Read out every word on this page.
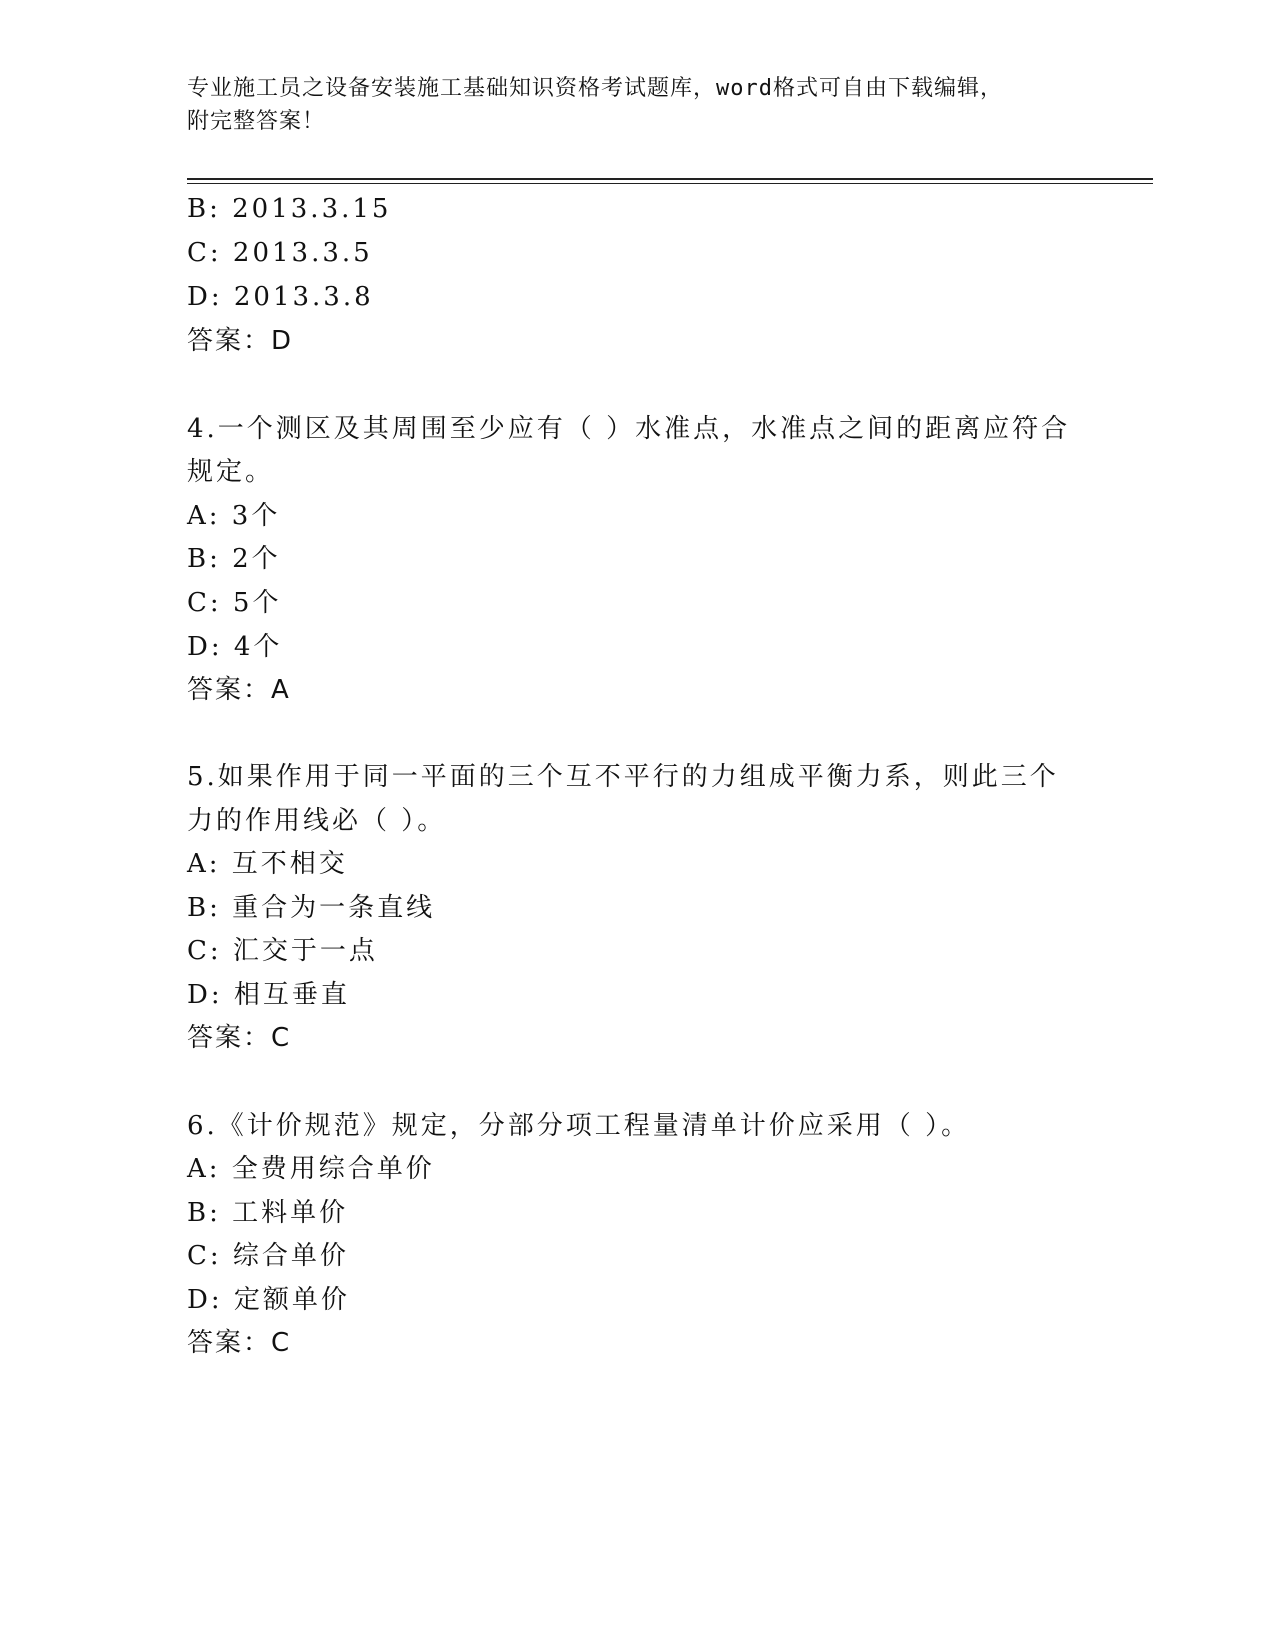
专业施工员之设备安装施工基础知识资格考试题库，word格式可自由下载编辑，
附完整答案！
B: 2013.3.15
C: 2013.3.5
D: 2013.3.8
答案：D
4.一个测区及其周围至少应有（ ）水准点，水准点之间的距离应符合
规定。
A: 3个
B: 2个
C: 5个
D: 4个
答案：A
5.如果作用于同一平面的三个互不平行的力组成平衡力系，则此三个
力的作用线必（ ）。
A: 互不相交
B: 重合为一条直线
C: 汇交于一点
D: 相互垂直
答案：C
6.《计价规范》规定，分部分项工程量清单计价应采用（ ）。
A: 全费用综合单价
B: 工料单价
C: 综合单价
D: 定额单价
答案：C
